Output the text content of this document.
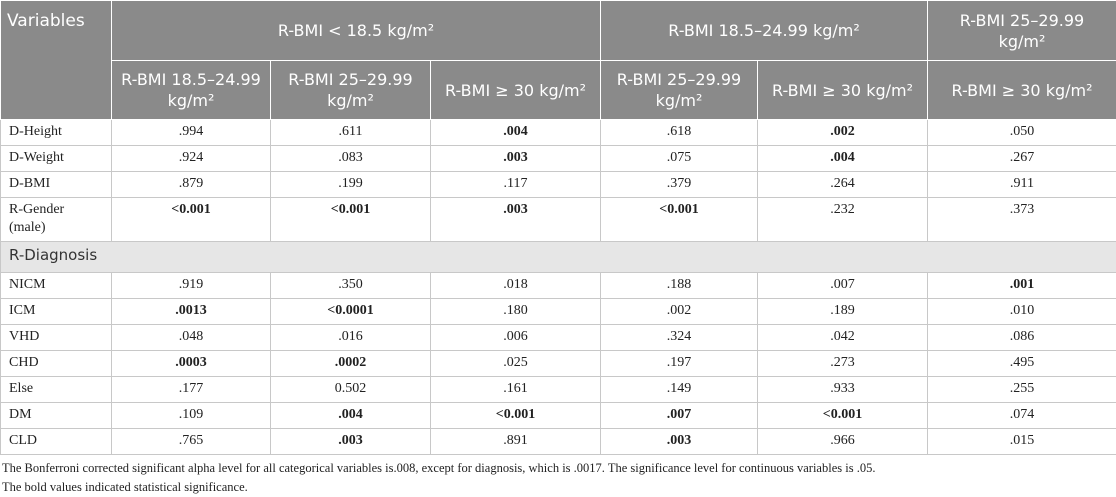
Variables	R-BMI < 18.5 kg/m²			R-BMI 18.5–24.99 kg/m²		R-BMI 25–29.99 kg/m²
	R-BMI 18.5–24.99 kg/m²	R-BMI 25–29.99 kg/m²	R-BMI ≥ 30 kg/m²	R-BMI 25–29.99 kg/m²	R-BMI ≥ 30 kg/m²	R-BMI ≥ 30 kg/m²
D-Height	.994	.611	.004	.618	.002	.050
D-Weight	.924	.083	.003	.075	.004	.267
D-BMI	.879	.199	.117	.379	.264	.911
R-Gender (male)	<0.001	<0.001	.003	<0.001	.232	.373
R-Diagnosis						
NICM	.919	.350	.018	.188	.007	.001
ICM	.0013	<0.0001	.180	.002	.189	.010
VHD	.048	.016	.006	.324	.042	.086
CHD	.0003	.0002	.025	.197	.273	.495
Else	.177	0.502	.161	.149	.933	.255
DM	.109	.004	<0.001	.007	<0.001	.074
CLD	.765	.003	.891	.003	.966	.015
The Bonferroni corrected significant alpha level for all categorical variables is.008, except for diagnosis, which is .0017. The significance level for continuous variables is .05.
The bold values indicated statistical significance.
